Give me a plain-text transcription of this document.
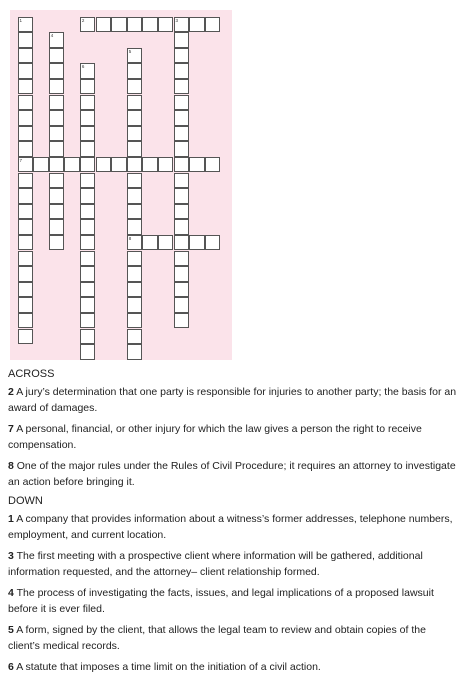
2	3
7
8
1
4
5
6
ACROSS

2 A jury’s determination that one party is responsible for injuries to another party; the basis for an award of damages.

7 A personal, financial, or other injury for which the law gives a person the right to receive compensation.

8 One of the major rules under the Rules of Civil Procedure; it requires an attorney to investigate an action before bringing it.

DOWN

1 A company that provides information about a witness’s former addresses, telephone numbers, employment, and current location.

3 The first meeting with a prospective client where information will be gathered, additional information requested, and the attorney– client relationship formed.

4 The process of investigating the facts, issues, and legal implications of a proposed lawsuit before it is ever filed.

5 A form, signed by the client, that allows the legal team to review and obtain copies of the client’s medical records.

6 A statute that imposes a time limit on the initiation of a civil action.
